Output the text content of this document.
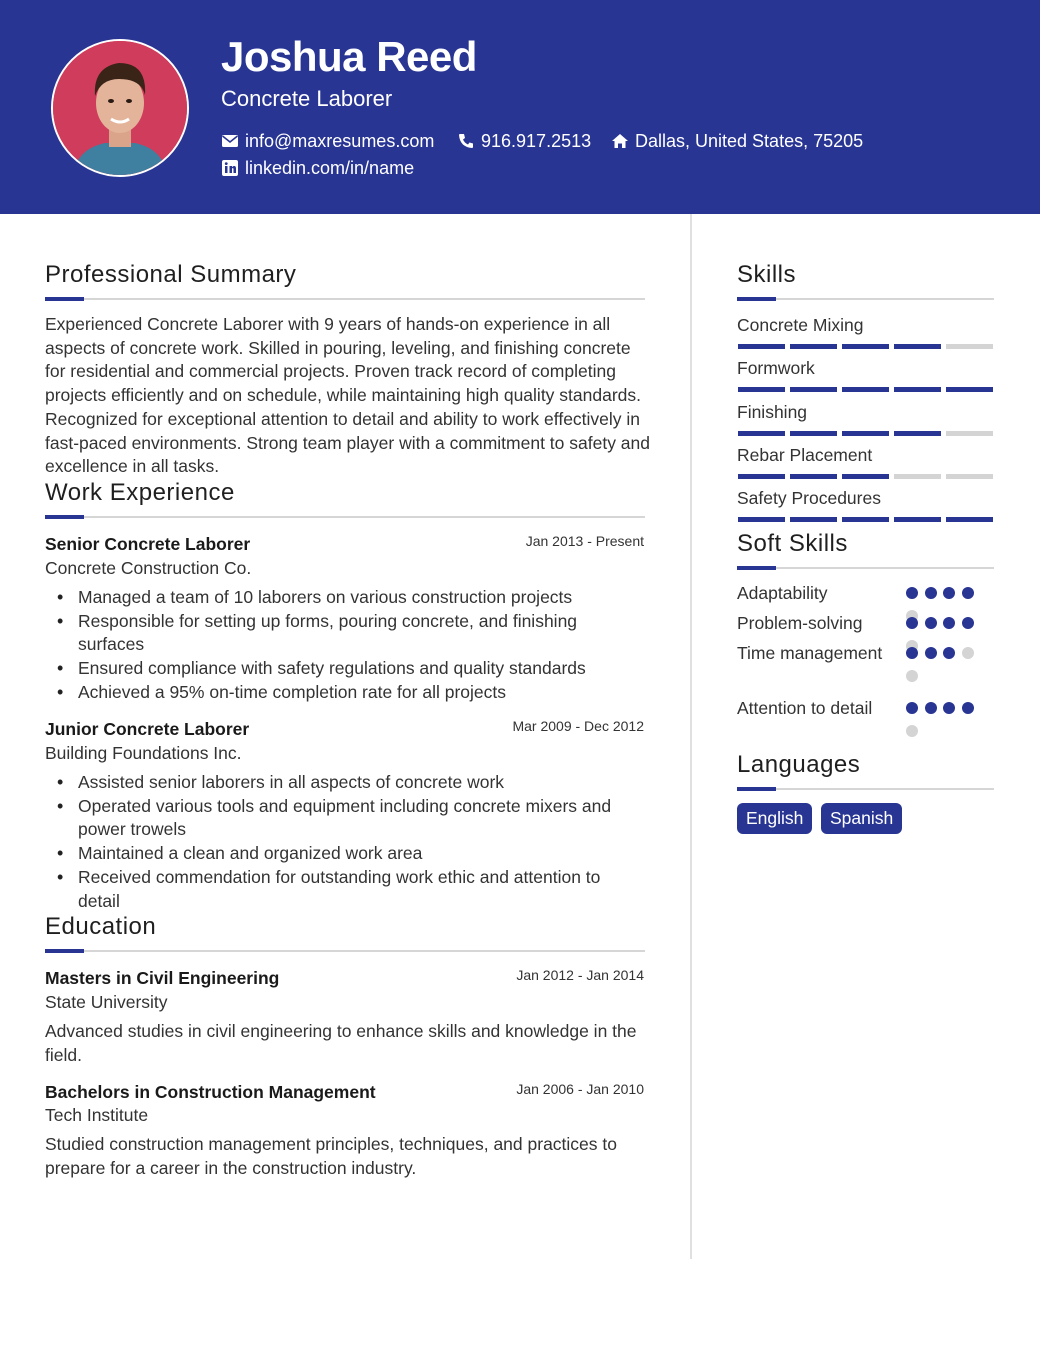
Joshua Reed
Concrete Laborer
info@maxresumes.com	916.917.2513 Dallas, United States, 75205
linkedin.com/in/name
Professional Summary
Experienced Concrete Laborer with 9 years of hands-on experience in all aspects of concrete work. Skilled in pouring, leveling, and finishing concrete for residential and commercial projects. Proven track record of completing projects efficiently and on schedule, while maintaining high quality standards. Recognized for exceptional attention to detail and ability to work effectively in fast-paced environments. Strong team player with a commitment to safety and excellence in all tasks.
Work Experience
Senior Concrete Laborer	Jan 2013 - Present
Concrete Construction Co.
• Managed a team of 10 laborers on various construction projects
• Responsible for setting up forms, pouring concrete, and finishing surfaces
• Ensured compliance with safety regulations and quality standards
• Achieved a 95% on-time completion rate for all projects
Junior Concrete Laborer	Mar 2009 - Dec 2012
Building Foundations Inc.
• Assisted senior laborers in all aspects of concrete work
• Operated various tools and equipment including concrete mixers and power trowels
• Maintained a clean and organized work area
• Received commendation for outstanding work ethic and attention to detail
Education
Masters in Civil Engineering	Jan 2012 - Jan 2014
State University
Advanced studies in civil engineering to enhance skills and knowledge in the field.
Bachelors in Construction Management	Jan 2006 - Jan 2010
Tech Institute
Studied construction management principles, techniques, and practices to prepare for a career in the construction industry.
Skills
Concrete Mixing
Formwork
Finishing
Rebar Placement
Safety Procedures
Soft Skills
Adaptability
Problem-solving
Time management
Attention to detail
Languages
English	Spanish
